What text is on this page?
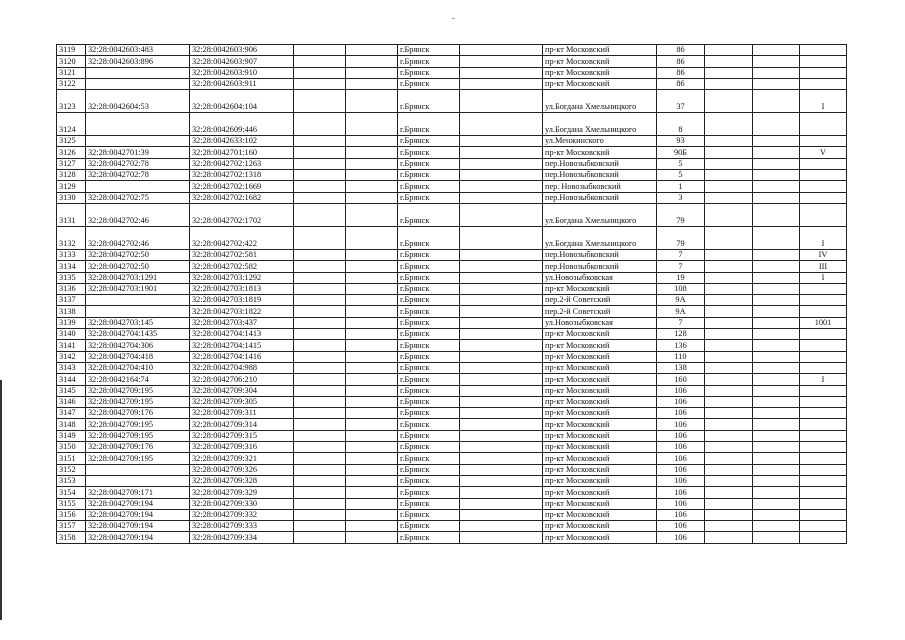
3119	32:28:0042603:483	32:28:0042603:906			г.Брянск		пр-кт Московский	86			
3120	32:28:0042603:896	32:28:0042603:907			г.Брянск		пр-кт Московский	86			
3121		32:28:0042603:910			г.Брянск		пр-кт Московский	86			
3122		32:28:0042603:911			г.Брянск		пр-кт Московский	86			
3123	32:28:0042604:53	32:28:0042604:104			г.Брянск		ул.Богдана Хмельницкого	37			I
3124		32:28:0042609:446			г.Брянск		ул.Богдана Хмельницкого	8			
3125		32:28:0042633:102			г.Брянск		ул.Менжинского	93			
3126	32:28:0042701:39	32:28:0042701:160			г.Брянск		пр-кт Московский	90Б			V
3127	32:28:0042702:78	32:28:0042702:1263			г.Брянск		пер.Новозыбковский	5			
3128	32:28:0042702:78	32:28:0042702:1318			г.Брянск		пер.Новозыбковский	5			
3129		32:28:0042702:1669			г.Брянск		пер. Новозыбковский	1			
3130	32:28:0042702:75	32:28:0042702:1682			г.Брянск		пер.Новозыбковский	3			
3131	32:28:0042702:46	32:28:0042702:1702			г.Брянск		ул.Богдана Хмельницкого	79			
3132	32:28:0042702:46	32:28:0042702:422			г.Брянск		ул.Богдана Хмельницкого	79			I
3133	32:28:0042702:50	32:28:0042702:581			г.Брянск		пер.Новозыбковский	7			IV
3134	32:28:0042702:50	32:28:0042702:582			г.Брянск		пер.Новозыбковский	7			III
3135	32:28:0042703:1291	32:28:0042703:1292			г.Брянск		ул.Новозыбковская	19			I
3136	32:28:0042703:1901	32:28:0042703:1813			г.Брянск		пр-кт Московский	108			
3137		32:28:0042703:1819			г.Брянск		пер.2-й Советский	9А			
3138		32:28:0042703:1822			г.Брянск		пер.2-й Советский	9А			
3139	32:28:0042703:145	32:28:0042703:437			г.Брянск		ул.Новозыбковская	7			1001
3140	32:28:0042704:1435	32:28:0042704:1413			г.Брянск		пр-кт Московский	128			
3141	32:28:0042704:306	32:28:0042704:1415			г.Брянск		пр-кт Московский	136			
3142	32:28:0042704:418	32:28:0042704:1416			г.Брянск		пр-кт Московский	110			
3143	32:28:0042704:410	32:28:0042704:988			г.Брянск		пр-кт Московский	138			
3144	32:28:0042164:74	32:28:0042706:210			г.Брянск		пр-кт Московский	160			I
3145	32:28:0042709:195	32:28:0042709:304			г.Брянск		пр-кт Московский	106			
3146	32:28:0042709:195	32:28:0042709:305			г.Брянск		пр-кт Московский	106			
3147	32:28:0042709:176	32:28:0042709:311			г.Брянск		пр-кт Московский	106			
3148	32:28:0042709:195	32:28:0042709:314			г.Брянск		пр-кт Московский	106			
3149	32:28:0042709:195	32:28:0042709:315			г.Брянск		пр-кт Московский	106			
3150	32:28:0042709:176	32:28:0042709:316			г.Брянск		пр-кт Московский	106			
3151	32:28:0042709:195	32:28:0042709:321			г.Брянск		пр-кт Московский	106			
3152		32:28:0042709:326			г.Брянск		пр-кт Московский	106			
3153		32:28:0042709:328			г.Брянск		пр-кт Московский	106			
3154	32:28:0042709:171	32:28:0042709:329			г.Брянск		пр-кт Московский	106			
3155	32:28:0042709:194	32:28:0042709:330			г.Брянск		пр-кт Московский	106			
3156	32:28:0042709:194	32:28:0042709:332			г.Брянск		пр-кт Московский	106			
3157	32:28:0042709:194	32:28:0042709:333			г.Брянск		пр-кт Московский	106			
3158	32:28:0042709:194	32:28:0042709:334			г.Брянск		пр-кт Московский	106			
